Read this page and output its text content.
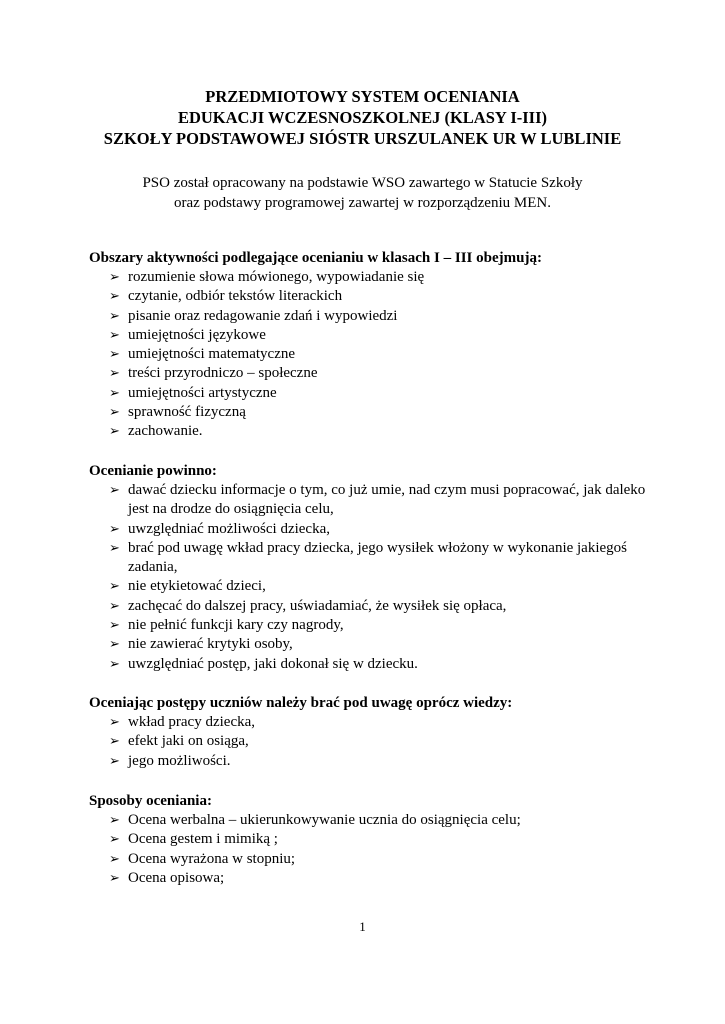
PRZEDMIOTOWY SYSTEM OCENIANIA
EDUKACJI WCZESNOSZKOLNEJ (KLASY I-III)
SZKOŁY PODSTAWOWEJ SIÓSTR URSZULANEK UR W LUBLINIE
PSO został opracowany na podstawie WSO zawartego w Statucie Szkoły
oraz podstawy programowej zawartej w rozporządzeniu MEN.

Obszary aktywności podlegające ocenianiu w klasach I – III obejmują:

➢ rozumienie słowa mówionego, wypowiadanie się
➢ czytanie, odbiór tekstów literackich
➢ pisanie oraz redagowanie zdań i wypowiedzi
➢ umiejętności językowe
➢ umiejętności matematyczne
➢ treści przyrodniczo – społeczne
➢ umiejętności artystyczne
➢ sprawność fizyczną
➢ zachowanie.

Ocenianie powinno:

➢ dawać dziecku informacje o tym, co już umie, nad czym musi popracować, jak daleko jest na drodze do osiągnięcia celu,
➢ uwzględniać możliwości dziecka,
➢ brać pod uwagę wkład pracy dziecka, jego wysiłek włożony w wykonanie jakiegoś zadania,
➢ nie etykietować dzieci,
➢ zachęcać do dalszej pracy, uświadamiać, że wysiłek się opłaca,
➢ nie pełnić funkcji kary czy nagrody,
➢ nie zawierać krytyki osoby,
➢ uwzględniać postęp, jaki dokonał się w dziecku.

Oceniając postępy uczniów należy brać pod uwagę oprócz wiedzy:

➢ wkład pracy dziecka,
➢ efekt jaki on osiąga,
➢ jego możliwości.

Sposoby oceniania:

➢ Ocena werbalna – ukierunkowywanie ucznia do osiągnięcia celu;
➢ Ocena gestem i mimiką ;
➢ Ocena wyrażona w stopniu;
➢ Ocena opisowa;
1
